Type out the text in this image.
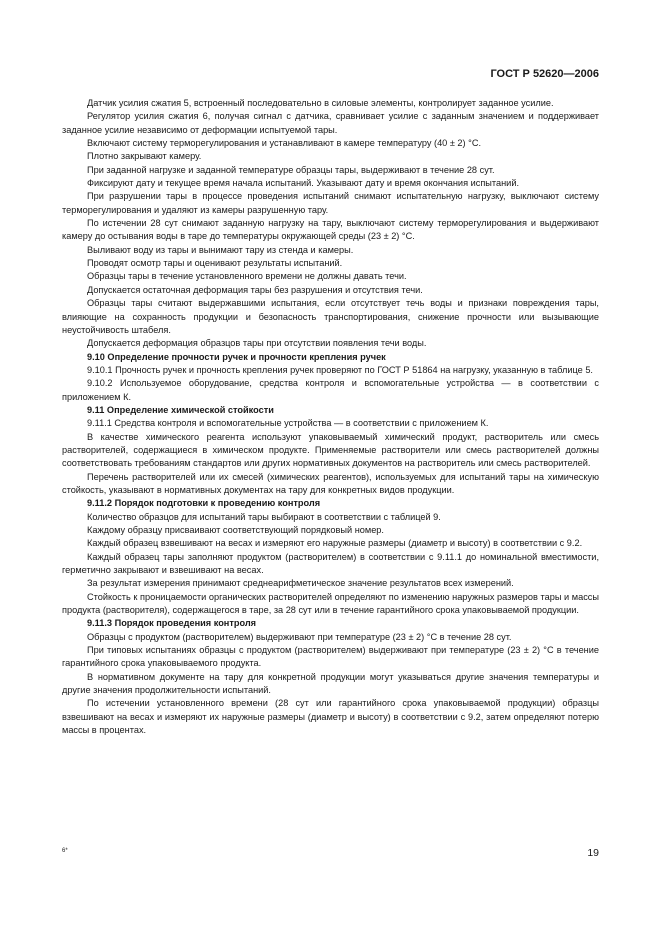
ГОСТ Р 52620—2006

Датчик усилия сжатия 5, встроенный последовательно в силовые элементы, контролирует заданное усилие.

Регулятор усилия сжатия 6, получая сигнал с датчика, сравнивает усилие с заданным значением и поддерживает заданное усилие независимо от деформации испытуемой тары.

Включают систему терморегулирования и устанавливают в камере температуру (40 ± 2) °С.

Плотно закрывают камеру.

При заданной нагрузке и заданной температуре образцы тары, выдерживают в течение 28 сут.

Фиксируют дату и текущее время начала испытаний. Указывают дату и время окончания испытаний.

При разрушении тары в процессе проведения испытаний снимают испытательную нагрузку, выключают систему терморегулирования и удаляют из камеры разрушенную тару.

По истечении 28 сут снимают заданную нагрузку на тару, выключают систему терморегулирования и выдерживают камеру до остывания воды в таре до температуры окружающей среды (23 ± 2) °С.

Выливают воду из тары и вынимают тару из стенда и камеры.

Проводят осмотр тары и оценивают результаты испытаний.

Образцы тары в течение установленного времени не должны давать течи.

Допускается остаточная деформация тары без разрушения и отсутствия течи.

Образцы тары считают выдержавшими испытания, если отсутствует течь воды и признаки повреждения тары, влияющие на сохранность продукции и безопасность транспортирования, снижение прочности или вызывающие неустойчивость штабеля.

Допускается деформация образцов тары при отсутствии появления течи воды.

9.10 Определение прочности ручек и прочности крепления ручек

9.10.1 Прочность ручек и прочность крепления ручек проверяют по ГОСТ Р 51864 на нагрузку, указанную в таблице 5.

9.10.2 Используемое оборудование, средства контроля и вспомогательные устройства — в соответствии с приложением К.

9.11 Определение химической стойкости

9.11.1 Средства контроля и вспомогательные устройства — в соответствии с приложением К.

В качестве химического реагента используют упаковываемый химический продукт, растворитель или смесь растворителей, содержащиеся в химическом продукте. Применяемые растворители или смесь растворителей должны соответствовать требованиям стандартов или других нормативных документов на растворитель или смесь растворителей.

Перечень растворителей или их смесей (химических реагентов), используемых для испытаний тары на химическую стойкость, указывают в нормативных документах на тару для конкретных видов продукции.

9.11.2 Порядок подготовки к проведению контроля

Количество образцов для испытаний тары выбирают в соответствии с таблицей 9.

Каждому образцу присваивают соответствующий порядковый номер.

Каждый образец взвешивают на весах и измеряют его наружные размеры (диаметр и высоту) в соответствии с 9.2.

Каждый образец тары заполняют продуктом (растворителем) в соответствии с 9.11.1 до номинальной вместимости, герметично закрывают и взвешивают на весах.

За результат измерения принимают среднеарифметическое значение результатов всех измерений.

Стойкость к проницаемости органических растворителей определяют по изменению наружных размеров тары и массы продукта (растворителя), содержащегося в таре, за 28 сут или в течение гарантийного срока упаковываемой продукции.

9.11.3 Порядок проведения контроля

Образцы с продуктом (растворителем) выдерживают при температуре (23 ± 2) °С в течение 28 сут.

При типовых испытаниях образцы с продуктом (растворителем) выдерживают при температуре (23 ± 2) °С в течение гарантийного срока упаковываемого продукта.

В нормативном документе на тару для конкретной продукции могут указываться другие значения температуры и другие значения продолжительности испытаний.

По истечении установленного времени (28 сут или гарантийного срока упаковываемой продукции) образцы взвешивают на весах и измеряют их наружные размеры (диаметр и высоту) в соответствии с 9.2, затем определяют потерю массы в процентах.

6*	19
